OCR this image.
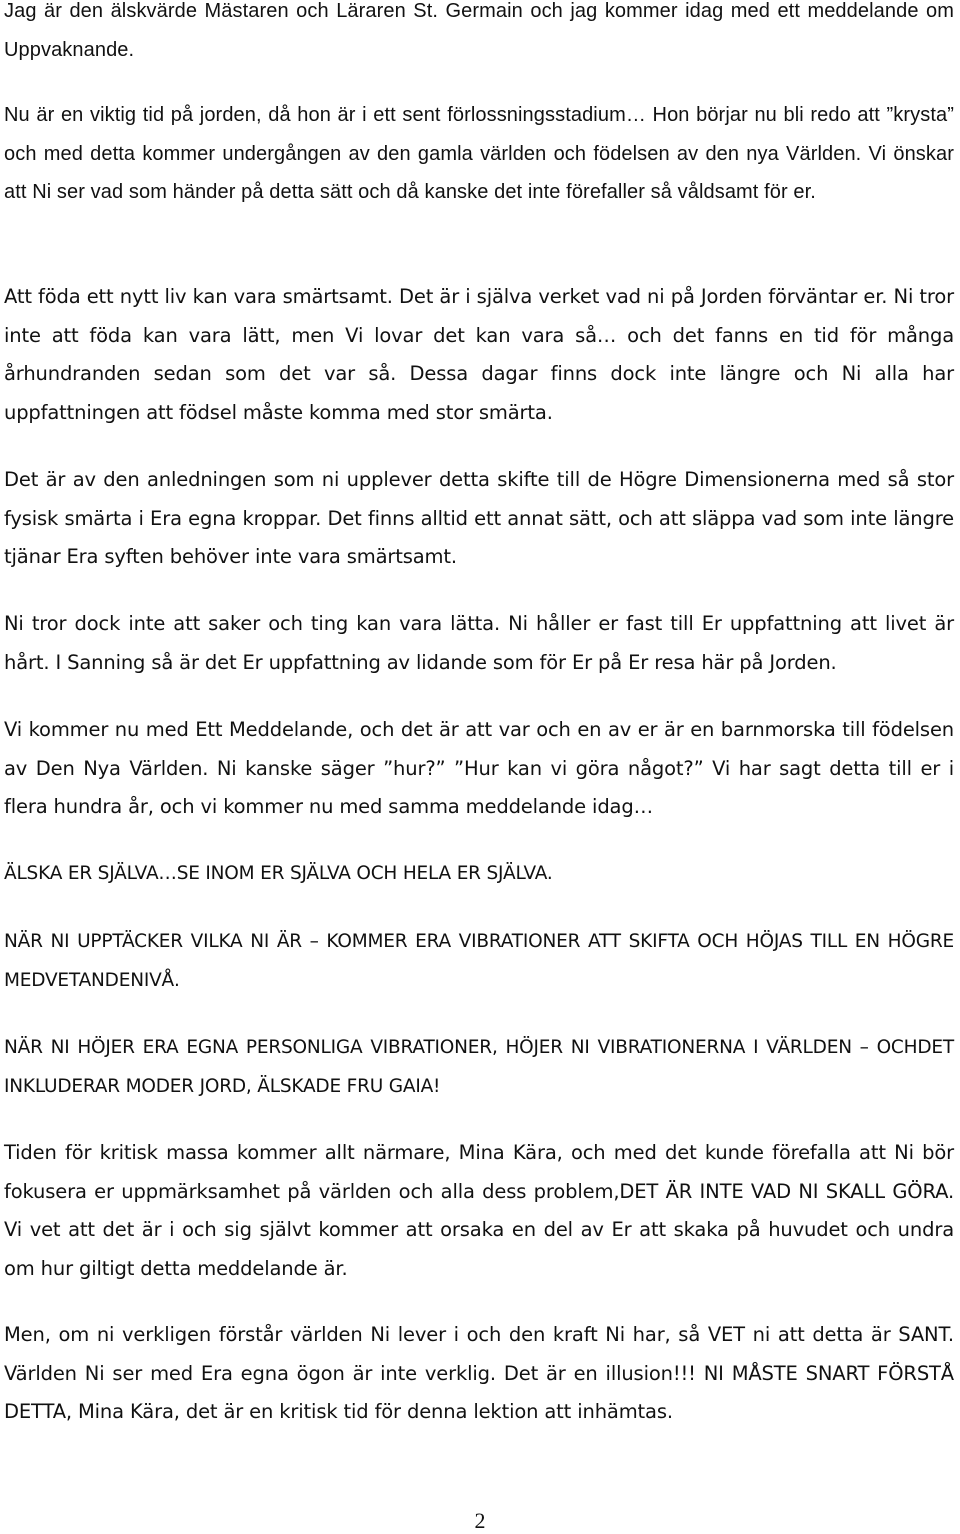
Jag är den älskvärde Mästaren och Läraren St. Germain och jag kommer idag med ett meddelande om Uppvaknande.

Nu är en viktig tid på jorden, då hon är i ett sent förlossningsstadium… Hon börjar nu bli redo att ”krysta” och med detta kommer undergången av den gamla världen och födelsen av den nya Världen. Vi önskar att Ni ser vad som händer på detta sätt och då kanske det inte förefaller så våldsamt för er.

Att föda ett nytt liv kan vara smärtsamt. Det är i själva verket vad ni på Jorden förväntar er. Ni tror inte att föda kan vara lätt, men Vi lovar det kan vara så… och det fanns en tid för många århundranden sedan som det var så. Dessa dagar finns dock inte längre och Ni alla har uppfattningen att födsel måste komma med stor smärta.

Det är av den anledningen som ni upplever detta skifte till de Högre Dimensionerna med så stor fysisk smärta i Era egna kroppar. Det finns alltid ett annat sätt, och att släppa vad som inte längre tjänar Era syften behöver inte vara smärtsamt.

Ni tror dock inte att saker och ting kan vara lätta. Ni håller er fast till Er uppfattning att livet är hårt. I Sanning så är det Er uppfattning av lidande som för Er på Er resa här på Jorden.

Vi kommer nu med Ett Meddelande, och det är att var och en av er är en barnmorska till födelsen av Den Nya Världen. Ni kanske säger ”hur?” ”Hur kan vi göra något?” Vi har sagt detta till er i flera hundra år, och vi kommer nu med samma meddelande idag…

ÄLSKA ER SJÄLVA…SE INOM ER SJÄLVA OCH HELA ER SJÄLVA.

NÄR NI UPPTÄCKER VILKA NI ÄR – KOMMER ERA VIBRATIONER ATT SKIFTA OCH HÖJAS TILL EN HÖGRE MEDVETANDENIVÅ.

NÄR NI HÖJER ERA EGNA PERSONLIGA VIBRATIONER, HÖJER NI VIBRATIONERNA I VÄRLDEN – OCHDET INKLUDERAR MODER JORD, ÄLSKADE FRU GAIA!

Tiden för kritisk massa kommer allt närmare, Mina Kära, och med det kunde förefalla att Ni bör fokusera er uppmärksamhet på världen och alla dess problem,DET ÄR INTE VAD NI SKALL GÖRA. Vi vet att det är i och sig självt kommer att orsaka en del av Er att skaka på huvudet och undra om hur giltigt detta meddelande är.

Men, om ni verkligen förstår världen Ni lever i och den kraft Ni har, så VET ni att detta är SANT. Världen Ni ser med Era egna ögon är inte verklig. Det är en illusion!!! NI MÅSTE SNART FÖRSTÅ DETTA, Mina Kära, det är en kritisk tid för denna lektion att inhämtas.

2
